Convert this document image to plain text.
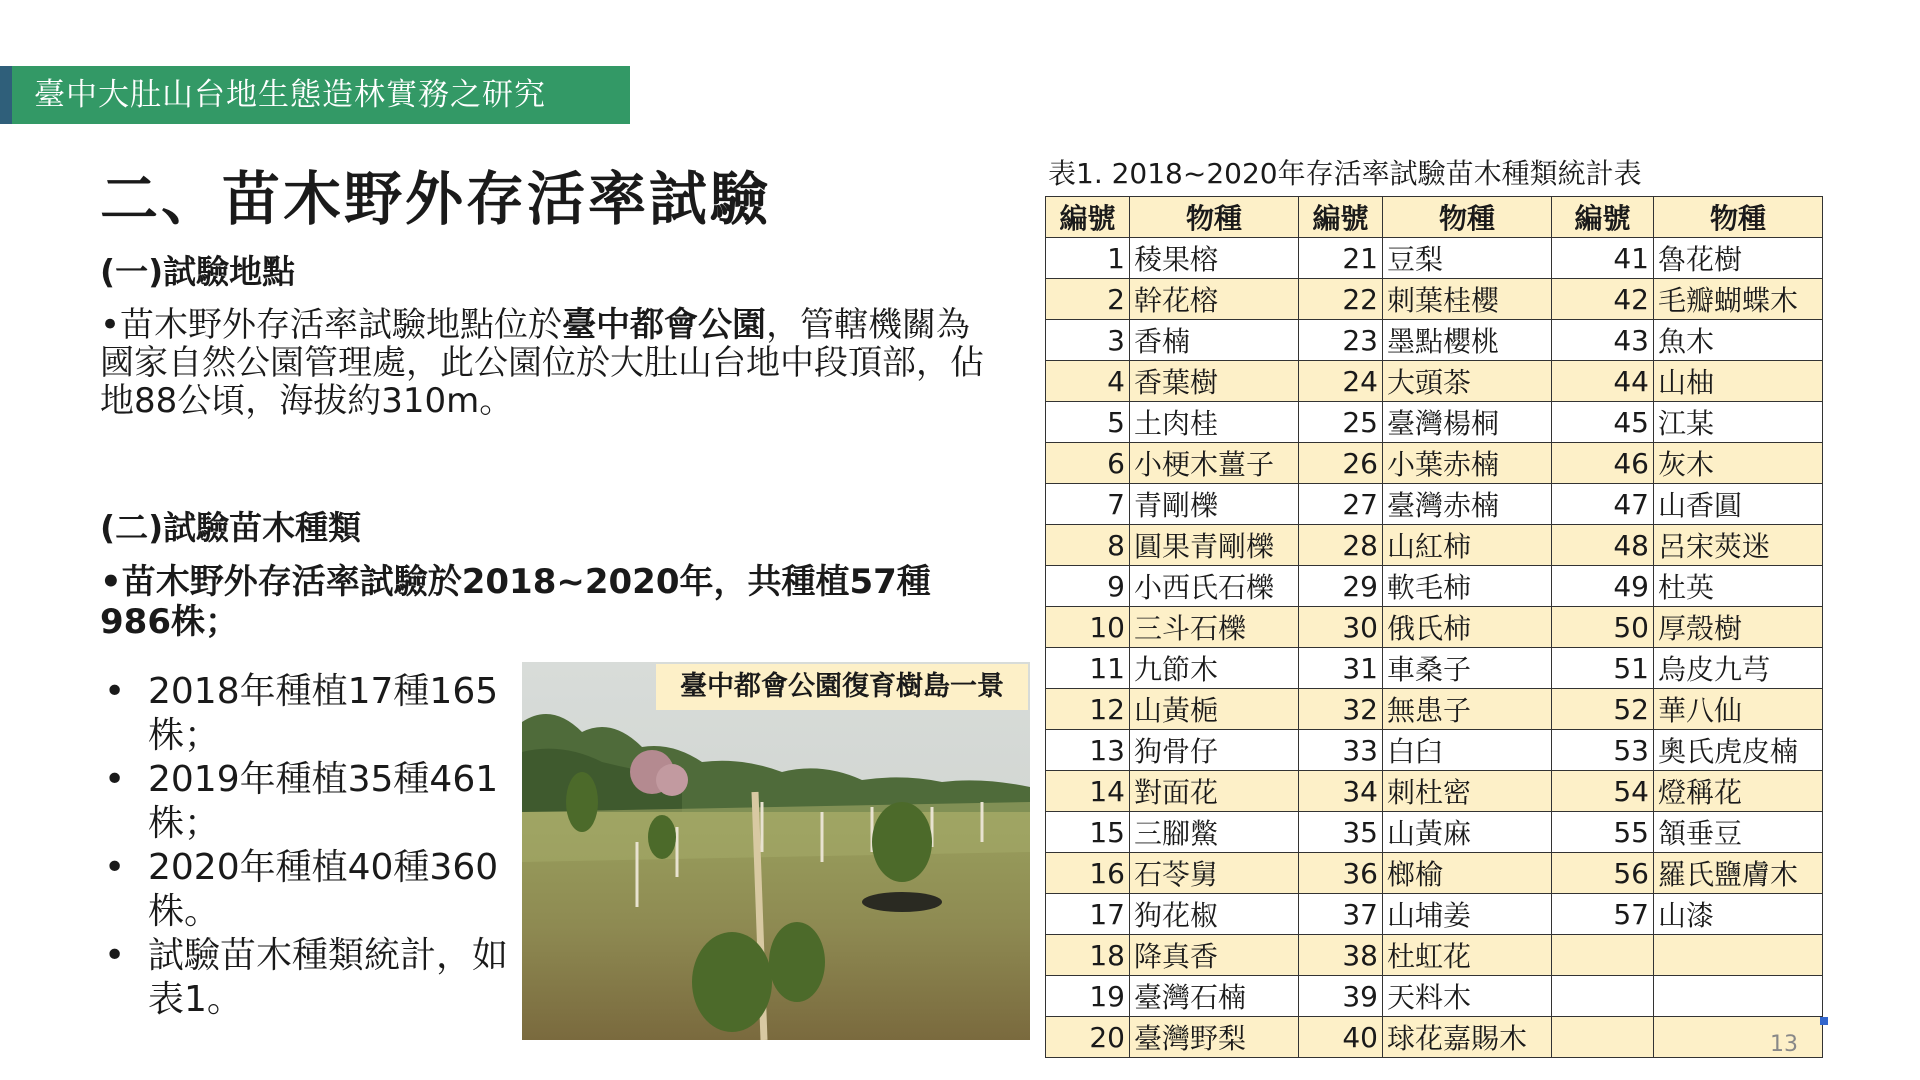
臺中大肚山台地生態造林實務之研究
二、苗木野外存活率試驗
(一)試驗地點
•苗木野外存活率試驗地點位於臺中都會公園，管轄機關為國家自然公園管理處，此公園位於大肚山台地中段頂部，佔地88公頃，海拔約310m。
(二)試驗苗木種類
•苗木野外存活率試驗於2018~2020年，共種植57種986株；
• 2018年種植17種165株；
• 2019年種植35種461株；
• 2020年種植40種360株。
• 試驗苗木種類統計，如表1。
臺中都會公園復育樹島一景
表1. 2018~2020年存活率試驗苗木種類統計表
編號	物種	編號	物種	編號	物種
1	稜果榕	21	豆梨	41	魯花樹
2	幹花榕	22	刺葉桂櫻	42	毛瓣蝴蝶木
3	香楠	23	墨點櫻桃	43	魚木
4	香葉樹	24	大頭茶	44	山柚
5	土肉桂	25	臺灣楊桐	45	江某
6	小梗木薑子	26	小葉赤楠	46	灰木
7	青剛櫟	27	臺灣赤楠	47	山香圓
8	圓果青剛櫟	28	山紅柿	48	呂宋莢迷
9	小西氏石櫟	29	軟毛柿	49	杜英
10	三斗石櫟	30	俄氏柿	50	厚殼樹
11	九節木	31	車桑子	51	烏皮九芎
12	山黃梔	32	無患子	52	華八仙
13	狗骨仔	33	白臼	53	奧氏虎皮楠
14	對面花	34	刺杜密	54	燈稱花
15	三腳鱉	35	山黃麻	55	頷垂豆
16	石苓舅	36	榔榆	56	羅氏鹽膚木
17	狗花椒	37	山埔姜	57	山漆
18	降真香	38	杜虹花		
19	臺灣石楠	39	天料木		
20	臺灣野梨	40	球花嘉賜木			13
